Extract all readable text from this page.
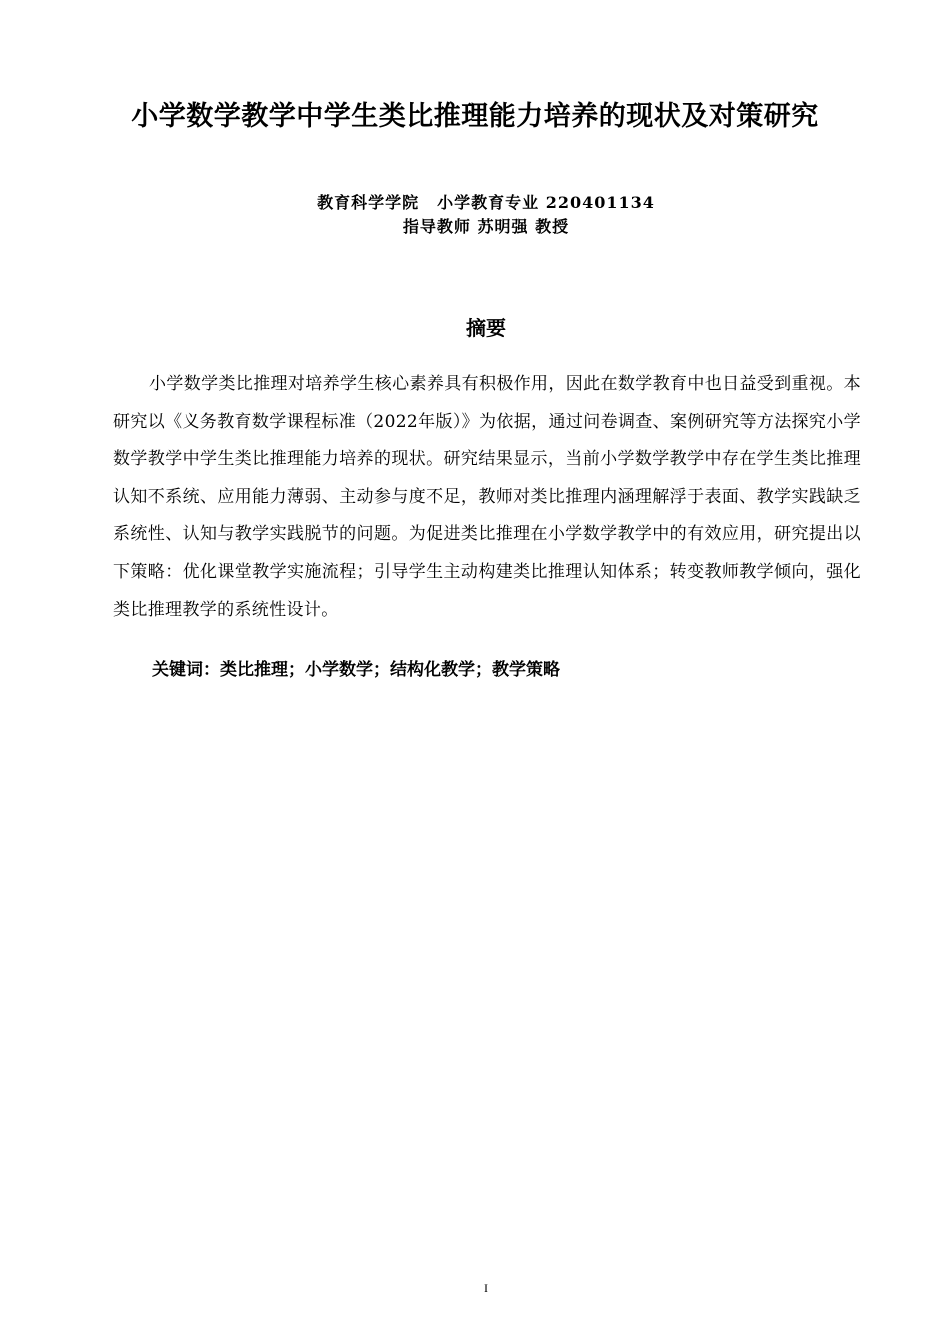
小学数学教学中学生类比推理能力培养的现状及对策研究
教育科学学院 小学教育专业 220401134
指导教师 苏明强 教授
摘要

小学数学类比推理对培养学生核心素养具有积极作用，因此在数学教育中也日益受到重视。本研究以《义务教育数学课程标准（2022年版）》为依据，通过问卷调查、案例研究等方法探究小学数学教学中学生类比推理能力培养的现状。研究结果显示，当前小学数学教学中存在学生类比推理认知不系统、应用能力薄弱、主动参与度不足，教师对类比推理内涵理解浮于表面、教学实践缺乏系统性、认知与教学实践脱节的问题。为促进类比推理在小学数学教学中的有效应用，研究提出以下策略：优化课堂教学实施流程；引导学生主动构建类比推理认知体系；转变教师教学倾向，强化类比推理教学的系统性设计。

关键词：类比推理；小学数学；结构化教学；教学策略
I
